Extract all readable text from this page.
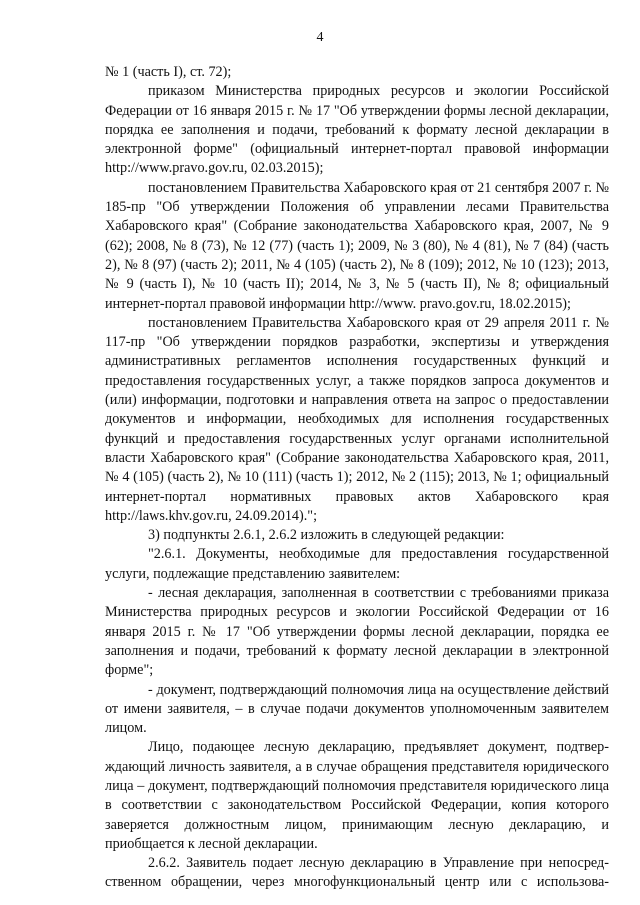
4

№ 1 (часть I), ст. 72);

приказом Министерства природных ресурсов и экологии Российской Федерации от 16 января 2015 г. № 17 "Об утверждении формы лесной декларации, порядка ее заполнения и подачи, требований к формату лесной декларации в электронной форме" (официальный интернет-портал правовой информации http://www.pravo.gov.ru, 02.03.2015);

постановлением Правительства Хабаровского края от 21 сентября 2007 г. № 185-пр "Об утверждении Положения об управлении лесами Правительства Хабаровского края" (Собрание законодательства Хабаровского края, 2007, № 9 (62); 2008, № 8 (73), № 12 (77) (часть 1); 2009, № 3 (80), № 4 (81), № 7 (84) (часть 2), № 8 (97) (часть 2); 2011, № 4 (105) (часть 2), № 8 (109); 2012, № 10 (123); 2013, № 9 (часть I), № 10 (часть II); 2014, № 3, № 5 (часть II), № 8; официальный интернет-портал правовой информации http://www. pravo.gov.ru, 18.02.2015);

постановлением Правительства Хабаровского края от 29 апреля 2011 г. № 117-пр "Об утверждении порядков разработки, экспертизы и утверждения административных регламентов исполнения государственных функций и предоставления государственных услуг, а также порядков запроса документов и (или) информации, подготовки и направления ответа на запрос о предоставлении документов и информации, необходимых для исполнения государственных функций и предоставления государственных услуг органами исполнительной власти Хабаровского края" (Собрание законодательства Хабаровского края, 2011, № 4 (105) (часть 2), № 10 (111) (часть 1); 2012, № 2 (115); 2013, № 1; официальный интернет-портал нормативных правовых актов Хабаровского края http://laws.khv.gov.ru, 24.09.2014).";

3) подпункты 2.6.1, 2.6.2 изложить в следующей редакции:

"2.6.1. Документы, необходимые для предоставления государственной услуги, подлежащие представлению заявителем:

- лесная декларация, заполненная в соответствии с требованиями приказа Министерства природных ресурсов и экологии Российской Федерации от 16 января 2015 г. № 17 "Об утверждении формы лесной декларации, порядка ее заполнения и подачи, требований к формату лесной декларации в электронной форме";

- документ, подтверждающий полномочия лица на осуществление действий от имени заявителя, – в случае подачи документов уполномоченным заявителем лицом.

Лицо, подающее лесную декларацию, предъявляет документ, подтверждающий личность заявителя, а в случае обращения представителя юридического лица – документ, подтверждающий полномочия представителя юридического лица в соответствии с законодательством Российской Федерации, копия которого заверяется должностным лицом, принимающим лесную декларацию, и приобщается к лесной декларации.

2.6.2. Заявитель подает лесную декларацию в Управление при непосредственном обращении, через многофункциональный центр или с использова-
